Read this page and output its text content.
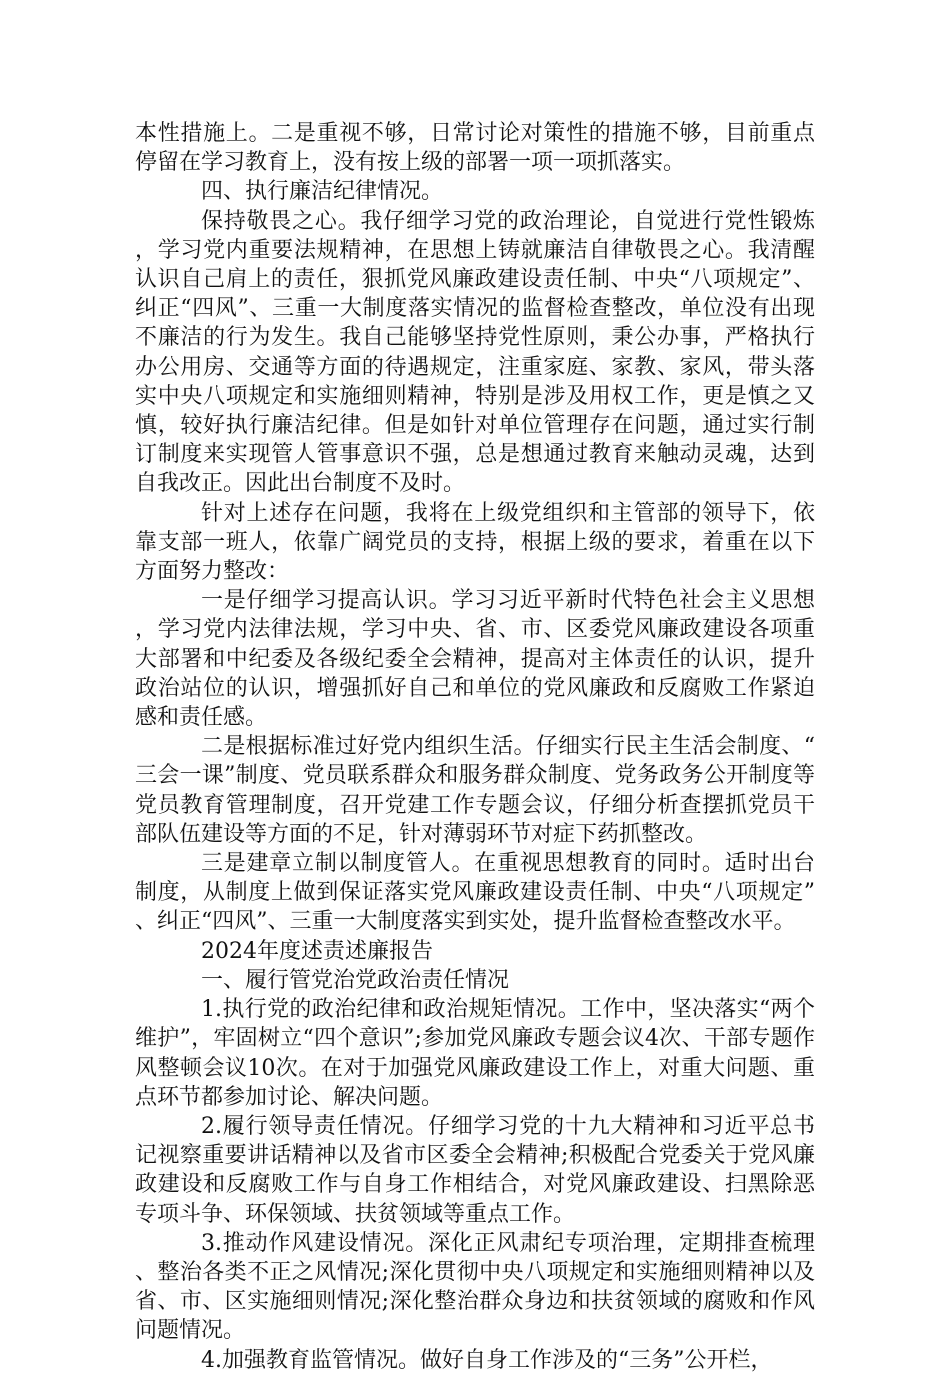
本性措施上。二是重视不够，日常讨论对策性的措施不够，目前重点停留在学习教育上，没有按上级的部署一项一项抓落实。

四、执行廉洁纪律情况。

保持敬畏之心。我仔细学习党的政治理论，自觉进行党性锻炼，学习党内重要法规精神，在思想上铸就廉洁自律敬畏之心。我清醒认识自己肩上的责任，狠抓党风廉政建设责任制、中央“八项规定”、纠正“四风”、三重一大制度落实情况的监督检查整改，单位没有出现不廉洁的行为发生。我自己能够坚持党性原则，秉公办事，严格执行办公用房、交通等方面的待遇规定，注重家庭、家教、家风，带头落实中央八项规定和实施细则精神，特别是涉及用权工作，更是慎之又慎，较好执行廉洁纪律。但是如针对单位管理存在问题，通过实行制订制度来实现管人管事意识不强，总是想通过教育来触动灵魂，达到自我改正。因此出台制度不及时。

针对上述存在问题，我将在上级党组织和主管部的领导下，依靠支部一班人，依靠广阔党员的支持，根据上级的要求，着重在以下方面努力整改：

一是仔细学习提高认识。学习习近平新时代特色社会主义思想，学习党内法律法规，学习中央、省、市、区委党风廉政建设各项重大部署和中纪委及各级纪委全会精神，提高对主体责任的认识，提升政治站位的认识，增强抓好自己和单位的党风廉政和反腐败工作紧迫感和责任感。

二是根据标准过好党内组织生活。仔细实行民主生活会制度、“三会一课”制度、党员联系群众和服务群众制度、党务政务公开制度等党员教育管理制度，召开党建工作专题会议，仔细分析查摆抓党员干部队伍建设等方面的不足，针对薄弱环节对症下药抓整改。

三是建章立制以制度管人。在重视思想教育的同时。适时出台制度，从制度上做到保证落实党风廉政建设责任制、中央“八项规定”、纠正“四风”、三重一大制度落实到实处，提升监督检查整改水平。

2024年度述责述廉报告

一、履行管党治党政治责任情况

1.执行党的政治纪律和政治规矩情况。工作中，坚决落实“两个维护”，牢固树立“四个意识”;参加党风廉政专题会议4次、干部专题作风整顿会议10次。在对于加强党风廉政建设工作上，对重大问题、重点环节都参加讨论、解决问题。

2.履行领导责任情况。仔细学习党的十九大精神和习近平总书记视察重要讲话精神以及省市区委全会精神;积极配合党委关于党风廉政建设和反腐败工作与自身工作相结合，对党风廉政建设、扫黑除恶专项斗争、环保领域、扶贫领域等重点工作。

3.推动作风建设情况。深化正风肃纪专项治理，定期排查梳理、整治各类不正之风情况;深化贯彻中央八项规定和实施细则精神以及省、市、区实施细则情况;深化整治群众身边和扶贫领域的腐败和作风问题情况。

4.加强教育监管情况。做好自身工作涉及的“三务”公开栏，
